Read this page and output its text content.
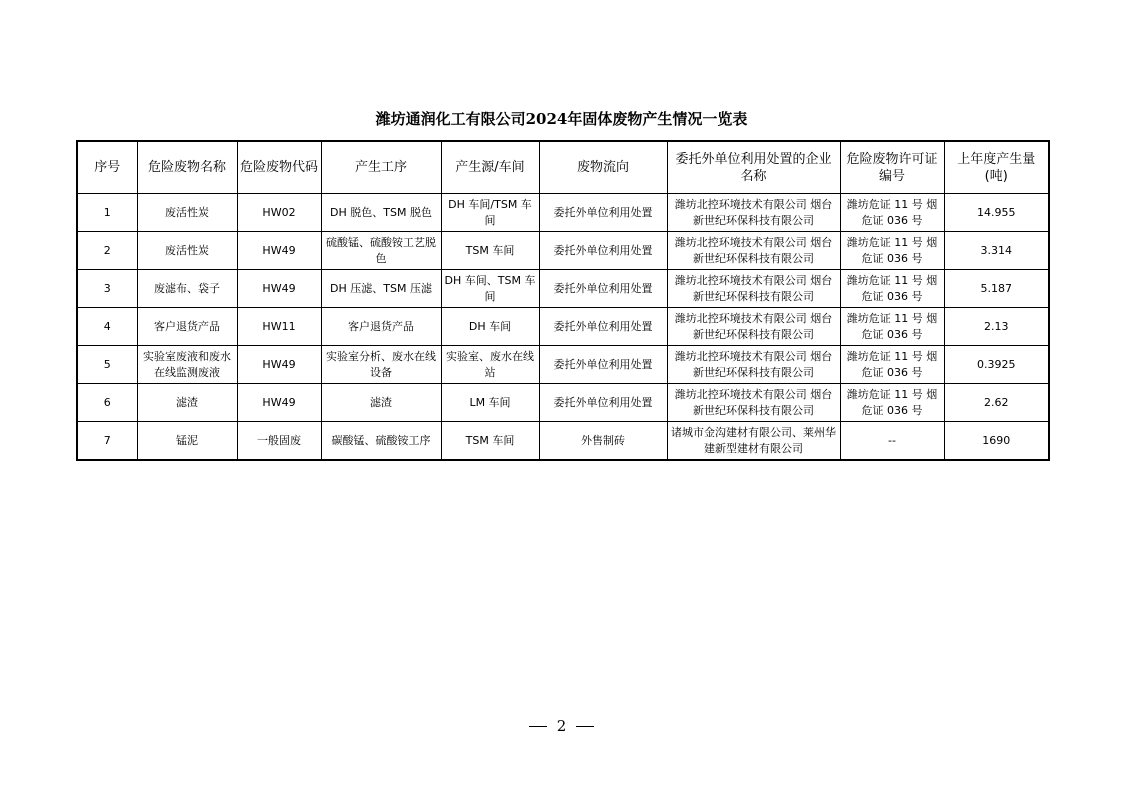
潍坊通润化工有限公司2024年固体废物产生情况一览表
序号	危险废物名称	危险废物代码	产生工序	产生源/车间	废物流向	委托外单位利用处置的企业名称	危险废物许可证编号	上年度产生量(吨)
1	废活性炭	HW02	DH 脱色、TSM 脱色	DH 车间/TSM 车间	委托外单位利用处置	潍坊北控环境技术有限公司 烟台新世纪环保科技有限公司	潍坊危证 11 号 烟危证 036 号	14.955
2	废活性炭	HW49	硫酸锰、硫酸铵工艺脱色	TSM 车间	委托外单位利用处置	潍坊北控环境技术有限公司 烟台新世纪环保科技有限公司	潍坊危证 11 号 烟危证 036 号	3.314
3	废滤布、袋子	HW49	DH 压滤、TSM 压滤	DH 车间、TSM 车间	委托外单位利用处置	潍坊北控环境技术有限公司 烟台新世纪环保科技有限公司	潍坊危证 11 号 烟危证 036 号	5.187
4	客户退货产品	HW11	客户退货产品	DH 车间	委托外单位利用处置	潍坊北控环境技术有限公司 烟台新世纪环保科技有限公司	潍坊危证 11 号 烟危证 036 号	2.13
5	实验室废液和废水在线监测废液	HW49	实验室分析、废水在线设备	实验室、废水在线站	委托外单位利用处置	潍坊北控环境技术有限公司 烟台新世纪环保科技有限公司	潍坊危证 11 号 烟危证 036 号	0.3925
6	滤渣	HW49	滤渣	LM 车间	委托外单位利用处置	潍坊北控环境技术有限公司 烟台新世纪环保科技有限公司	潍坊危证 11 号 烟危证 036 号	2.62
7	锰泥	一般固废	碳酸锰、硫酸铵工序	TSM 车间	外售制砖	诸城市金沟建材有限公司、莱州华建新型建材有限公司	--	1690
2
